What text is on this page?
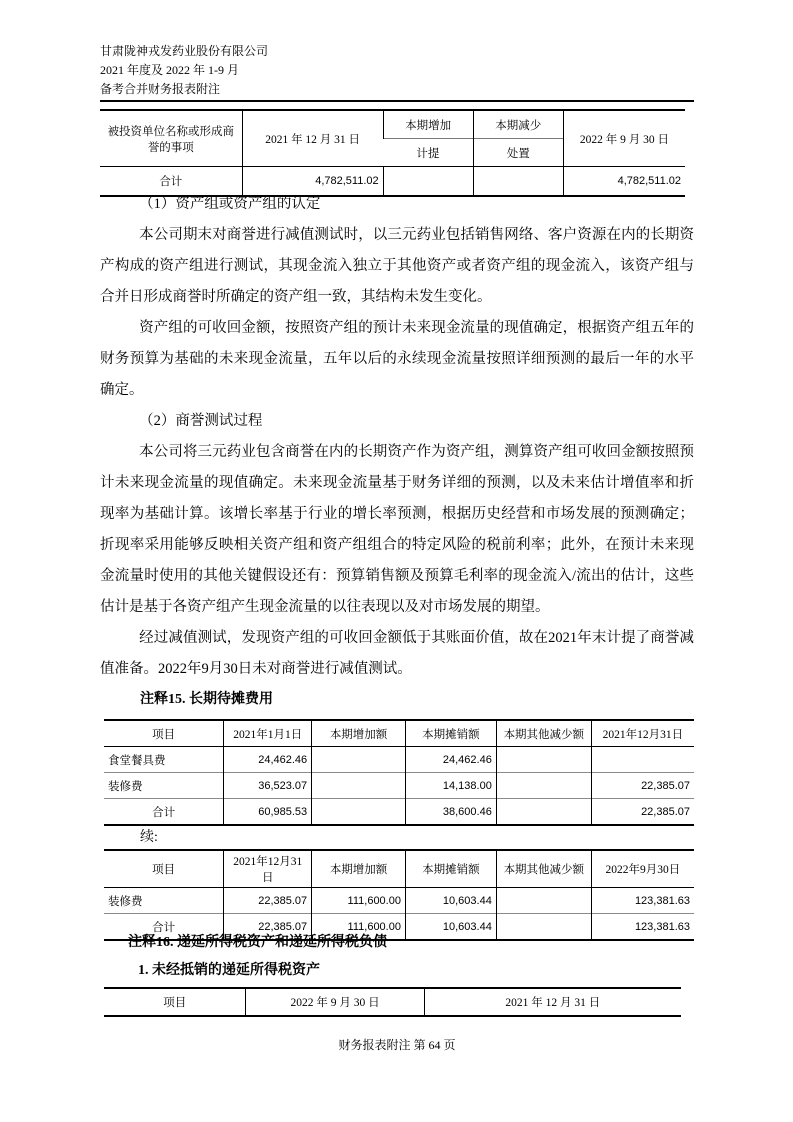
甘肃陇神戎发药业股份有限公司
2021 年度及 2022 年 1-9 月
备考合并财务报表附注
被投资单位名称或形成商誉的事项	2021 年 12 月 31 日	本期增加	本期减少	2022 年 9 月 30 日
		计提	处置	
合计	4,782,511.02			4,782,511.02
（1）资产组或资产组的认定

本公司期末对商誉进行减值测试时，以三元药业包括销售网络、客户资源在内的长期资产构成的资产组进行测试，其现金流入独立于其他资产或者资产组的现金流入，该资产组与合并日形成商誉时所确定的资产组一致，其结构未发生变化。

资产组的可收回金额，按照资产组的预计未来现金流量的现值确定，根据资产组五年的财务预算为基础的未来现金流量，五年以后的永续现金流量按照详细预测的最后一年的水平确定。

（2）商誉测试过程

本公司将三元药业包含商誉在内的长期资产作为资产组，测算资产组可收回金额按照预计未来现金流量的现值确定。未来现金流量基于财务详细的预测，以及未来估计增值率和折现率为基础计算。该增长率基于行业的增长率预测，根据历史经营和市场发展的预测确定；折现率采用能够反映相关资产组和资产组组合的特定风险的税前利率；此外，在预计未来现金流量时使用的其他关键假设还有：预算销售额及预算毛利率的现金流入/流出的估计，这些估计是基于各资产组产生现金流量的以往表现以及对市场发展的期望。

经过减值测试，发现资产组的可收回金额低于其账面价值，故在2021年末计提了商誉减值准备。2022年9月30日未对商誉进行减值测试。

注释15. 长期待摊费用
项目	2021年1月1日	本期增加额	本期摊销额	本期其他减少额	2021年12月31日
食堂餐具费	24,462.46		24,462.46		
装修费	36,523.07		14,138.00		22,385.07
合计	60,985.53		38,600.46		22,385.07
续:
项目	2021年12月31日	本期增加额	本期摊销额	本期其他减少额	2022年9月30日
装修费	22,385.07	111,600.00	10,603.44		123,381.63
合计	22,385.07	111,600.00	10,603.44		123,381.63
注释16. 递延所得税资产和递延所得税负债
1. 未经抵销的递延所得税资产
项目	2022 年 9 月 30 日	2021 年 12 月 31 日
财务报表附注 第 64 页
